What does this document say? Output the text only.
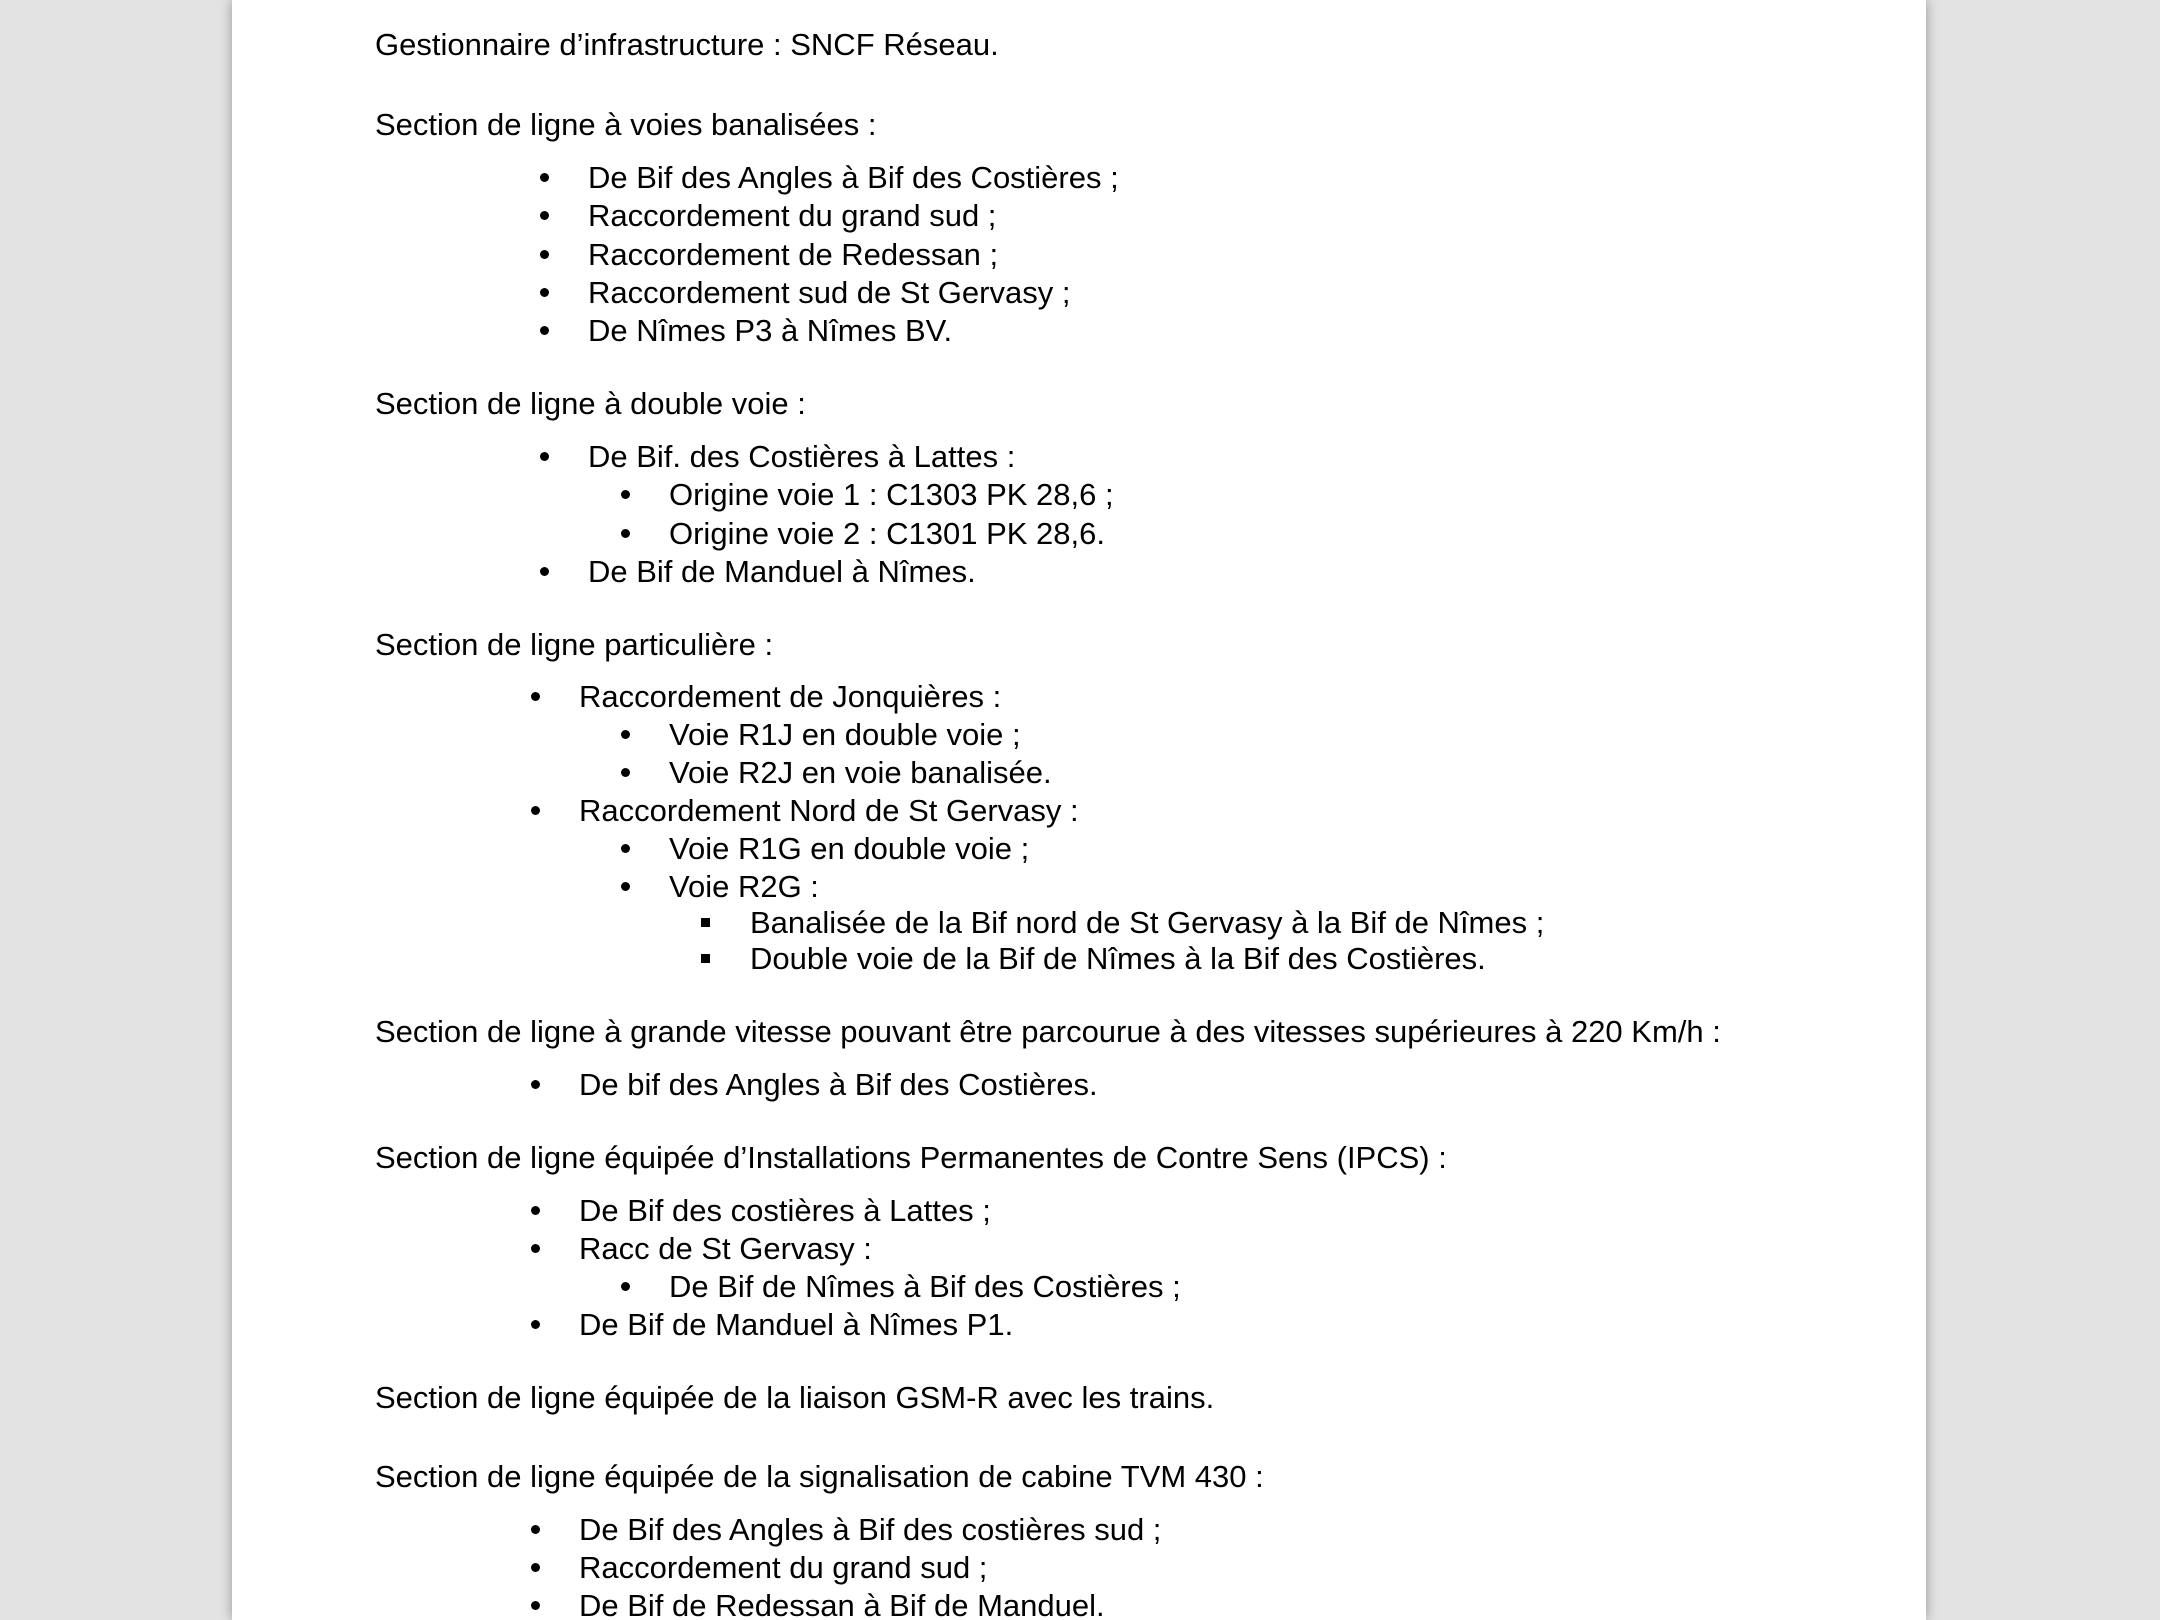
Gestionnaire d’infrastructure : SNCF Réseau.
Section de ligne à voies banalisées :
De Bif des Angles à Bif des Costières ;
Raccordement du grand sud ;
Raccordement de Redessan ;
Raccordement sud de St Gervasy ;
De Nîmes P3 à Nîmes BV.
Section de ligne à double voie :
De Bif. des Costières à Lattes :
Origine voie 1 : C1303 PK 28,6 ;
Origine voie 2 : C1301 PK 28,6.
De Bif de Manduel à Nîmes.
Section de ligne particulière :
Raccordement de Jonquières :
Voie R1J en double voie ;
Voie R2J en voie banalisée.
Raccordement Nord de St Gervasy :
Voie R1G en double voie ;
Voie R2G :
Banalisée de la Bif nord de St Gervasy à la Bif de Nîmes ;
Double voie de la Bif de Nîmes à la Bif des Costières.
Section de ligne à grande vitesse pouvant être parcourue à des vitesses supérieures à 220 Km/h :
De bif des Angles à Bif des Costières.
Section de ligne équipée d’Installations Permanentes de Contre Sens (IPCS) :
De Bif des costières à Lattes ;
Racc de St Gervasy :
De Bif de Nîmes à Bif des Costières ;
De Bif de Manduel à Nîmes P1.
Section de ligne équipée de la liaison GSM-R avec les trains.
Section de ligne équipée de la signalisation de cabine TVM 430 :
De Bif des Angles à Bif des costières sud ;
Raccordement du grand sud ;
De Bif de Redessan à Bif de Manduel.
